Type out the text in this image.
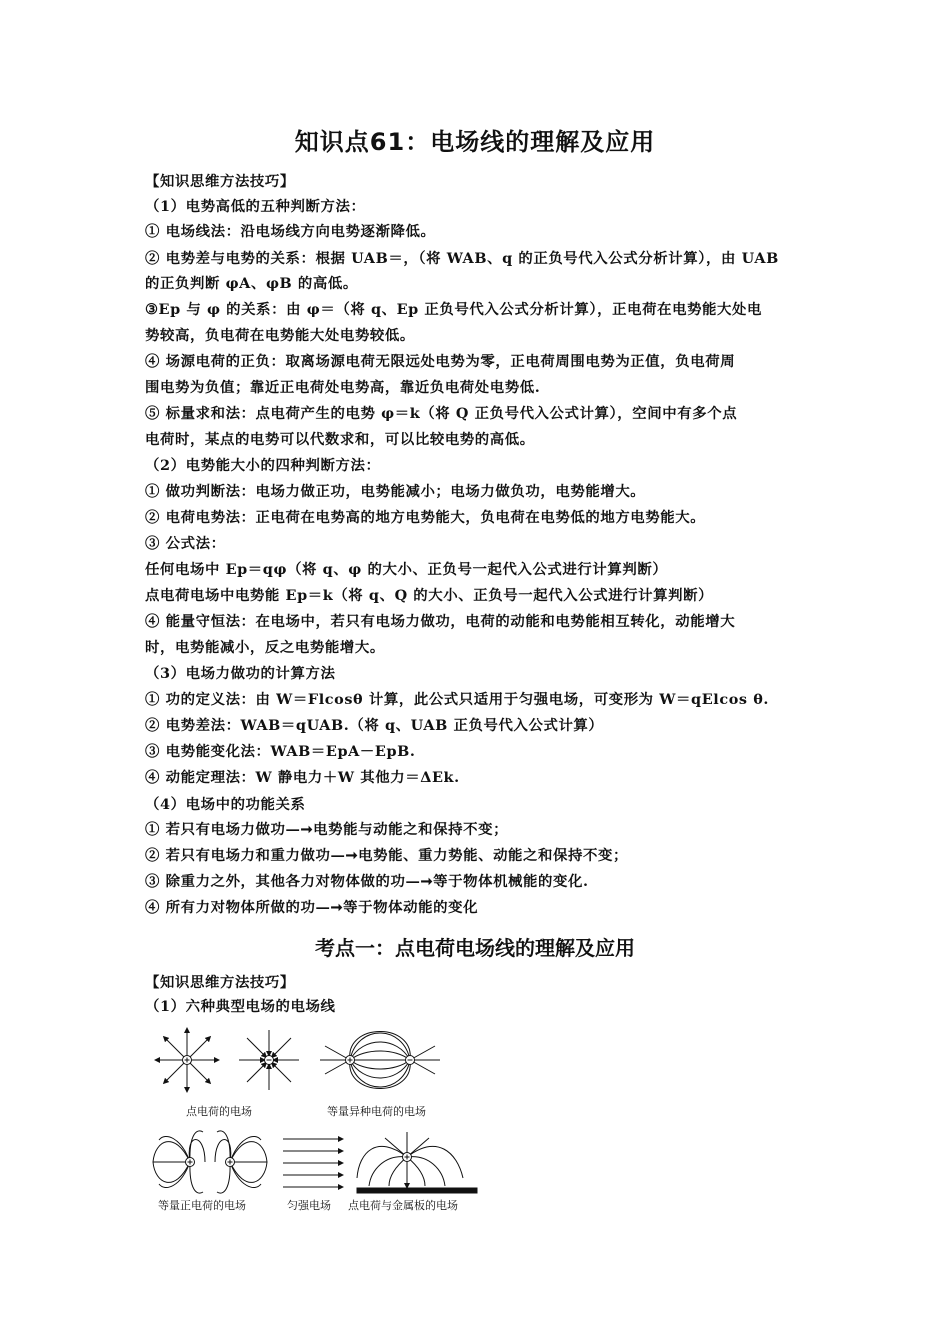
知识点61：电场线的理解及应用
【知识思维方法技巧】
（1）电势高低的五种判断方法：
① 电场线法：沿电场线方向电势逐渐降低。
② 电势差与电势的关系：根据 UAB＝，（将 WAB、q 的正负号代入公式分析计算），由 UAB
的正负判断 φA、φB 的高低。
③Ep 与 φ 的关系：由 φ＝（将 q、Ep 正负号代入公式分析计算），正电荷在电势能大处电
势较高，负电荷在电势能大处电势较低。
④ 场源电荷的正负：取离场源电荷无限远处电势为零，正电荷周围电势为正值，负电荷周
围电势为负值；靠近正电荷处电势高，靠近负电荷处电势低.
⑤ 标量求和法：点电荷产生的电势 φ＝k（将 Q 正负号代入公式计算），空间中有多个点
电荷时，某点的电势可以代数求和，可以比较电势的高低。
（2）电势能大小的四种判断方法：
① 做功判断法：电场力做正功，电势能减小；电场力做负功，电势能增大。
② 电荷电势法：正电荷在电势高的地方电势能大，负电荷在电势低的地方电势能大。
③ 公式法：
任何电场中 Ep＝qφ（将 q、φ 的大小、正负号一起代入公式进行计算判断）
点电荷电场中电势能 Ep＝k（将 q、Q 的大小、正负号一起代入公式进行计算判断）
④ 能量守恒法：在电场中，若只有电场力做功，电荷的动能和电势能相互转化，动能增大
时，电势能减小，反之电势能增大。
（3）电场力做功的计算方法
① 功的定义法：由 W＝Flcosθ 计算，此公式只适用于匀强电场，可变形为 W＝qElcos θ.
② 电势差法：WAB＝qUAB.（将 q、UAB 正负号代入公式计算）
③ 电势能变化法：WAB＝EpA－EpB.
④ 动能定理法：W 静电力＋W 其他力＝ΔEk.
（4）电场中的功能关系
① 若只有电场力做功—➞电势能与动能之和保持不变；
② 若只有电场力和重力做功—➞电势能、重力势能、动能之和保持不变；
③ 除重力之外，其他各力对物体做的功—➞等于物体机械能的变化.
④ 所有力对物体所做的功—➞等于物体动能的变化
考点一：点电荷电场线的理解及应用
【知识思维方法技巧】
（1）六种典型电场的电场线
点电荷的电场	等量异种电荷的电场
等量正电荷的电场	匀强电场 点电荷与金属板的电场
